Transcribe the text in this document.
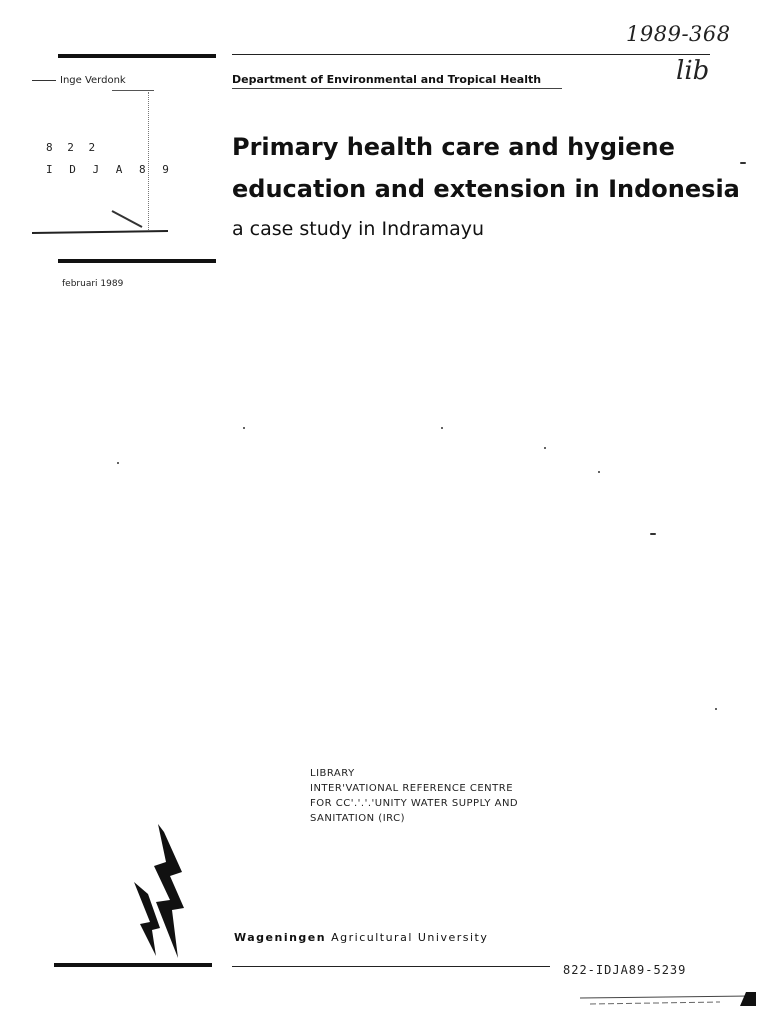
1989-368
Inge Verdonk
8 2 2
I D J A 8 9
februari 1989
Department of Environmental and Tropical Health	lib
Primary health care and hygiene
education and extension in Indonesia
a case study in Indramayu
LIBRARY
INTER'VATIONAL REFERENCE CENTRE
FOR CC'.'.'.'UNITY WATER SUPPLY AND
SANITATION (IRC)
Wageningen Agricultural University
822-IDJA89-5239
